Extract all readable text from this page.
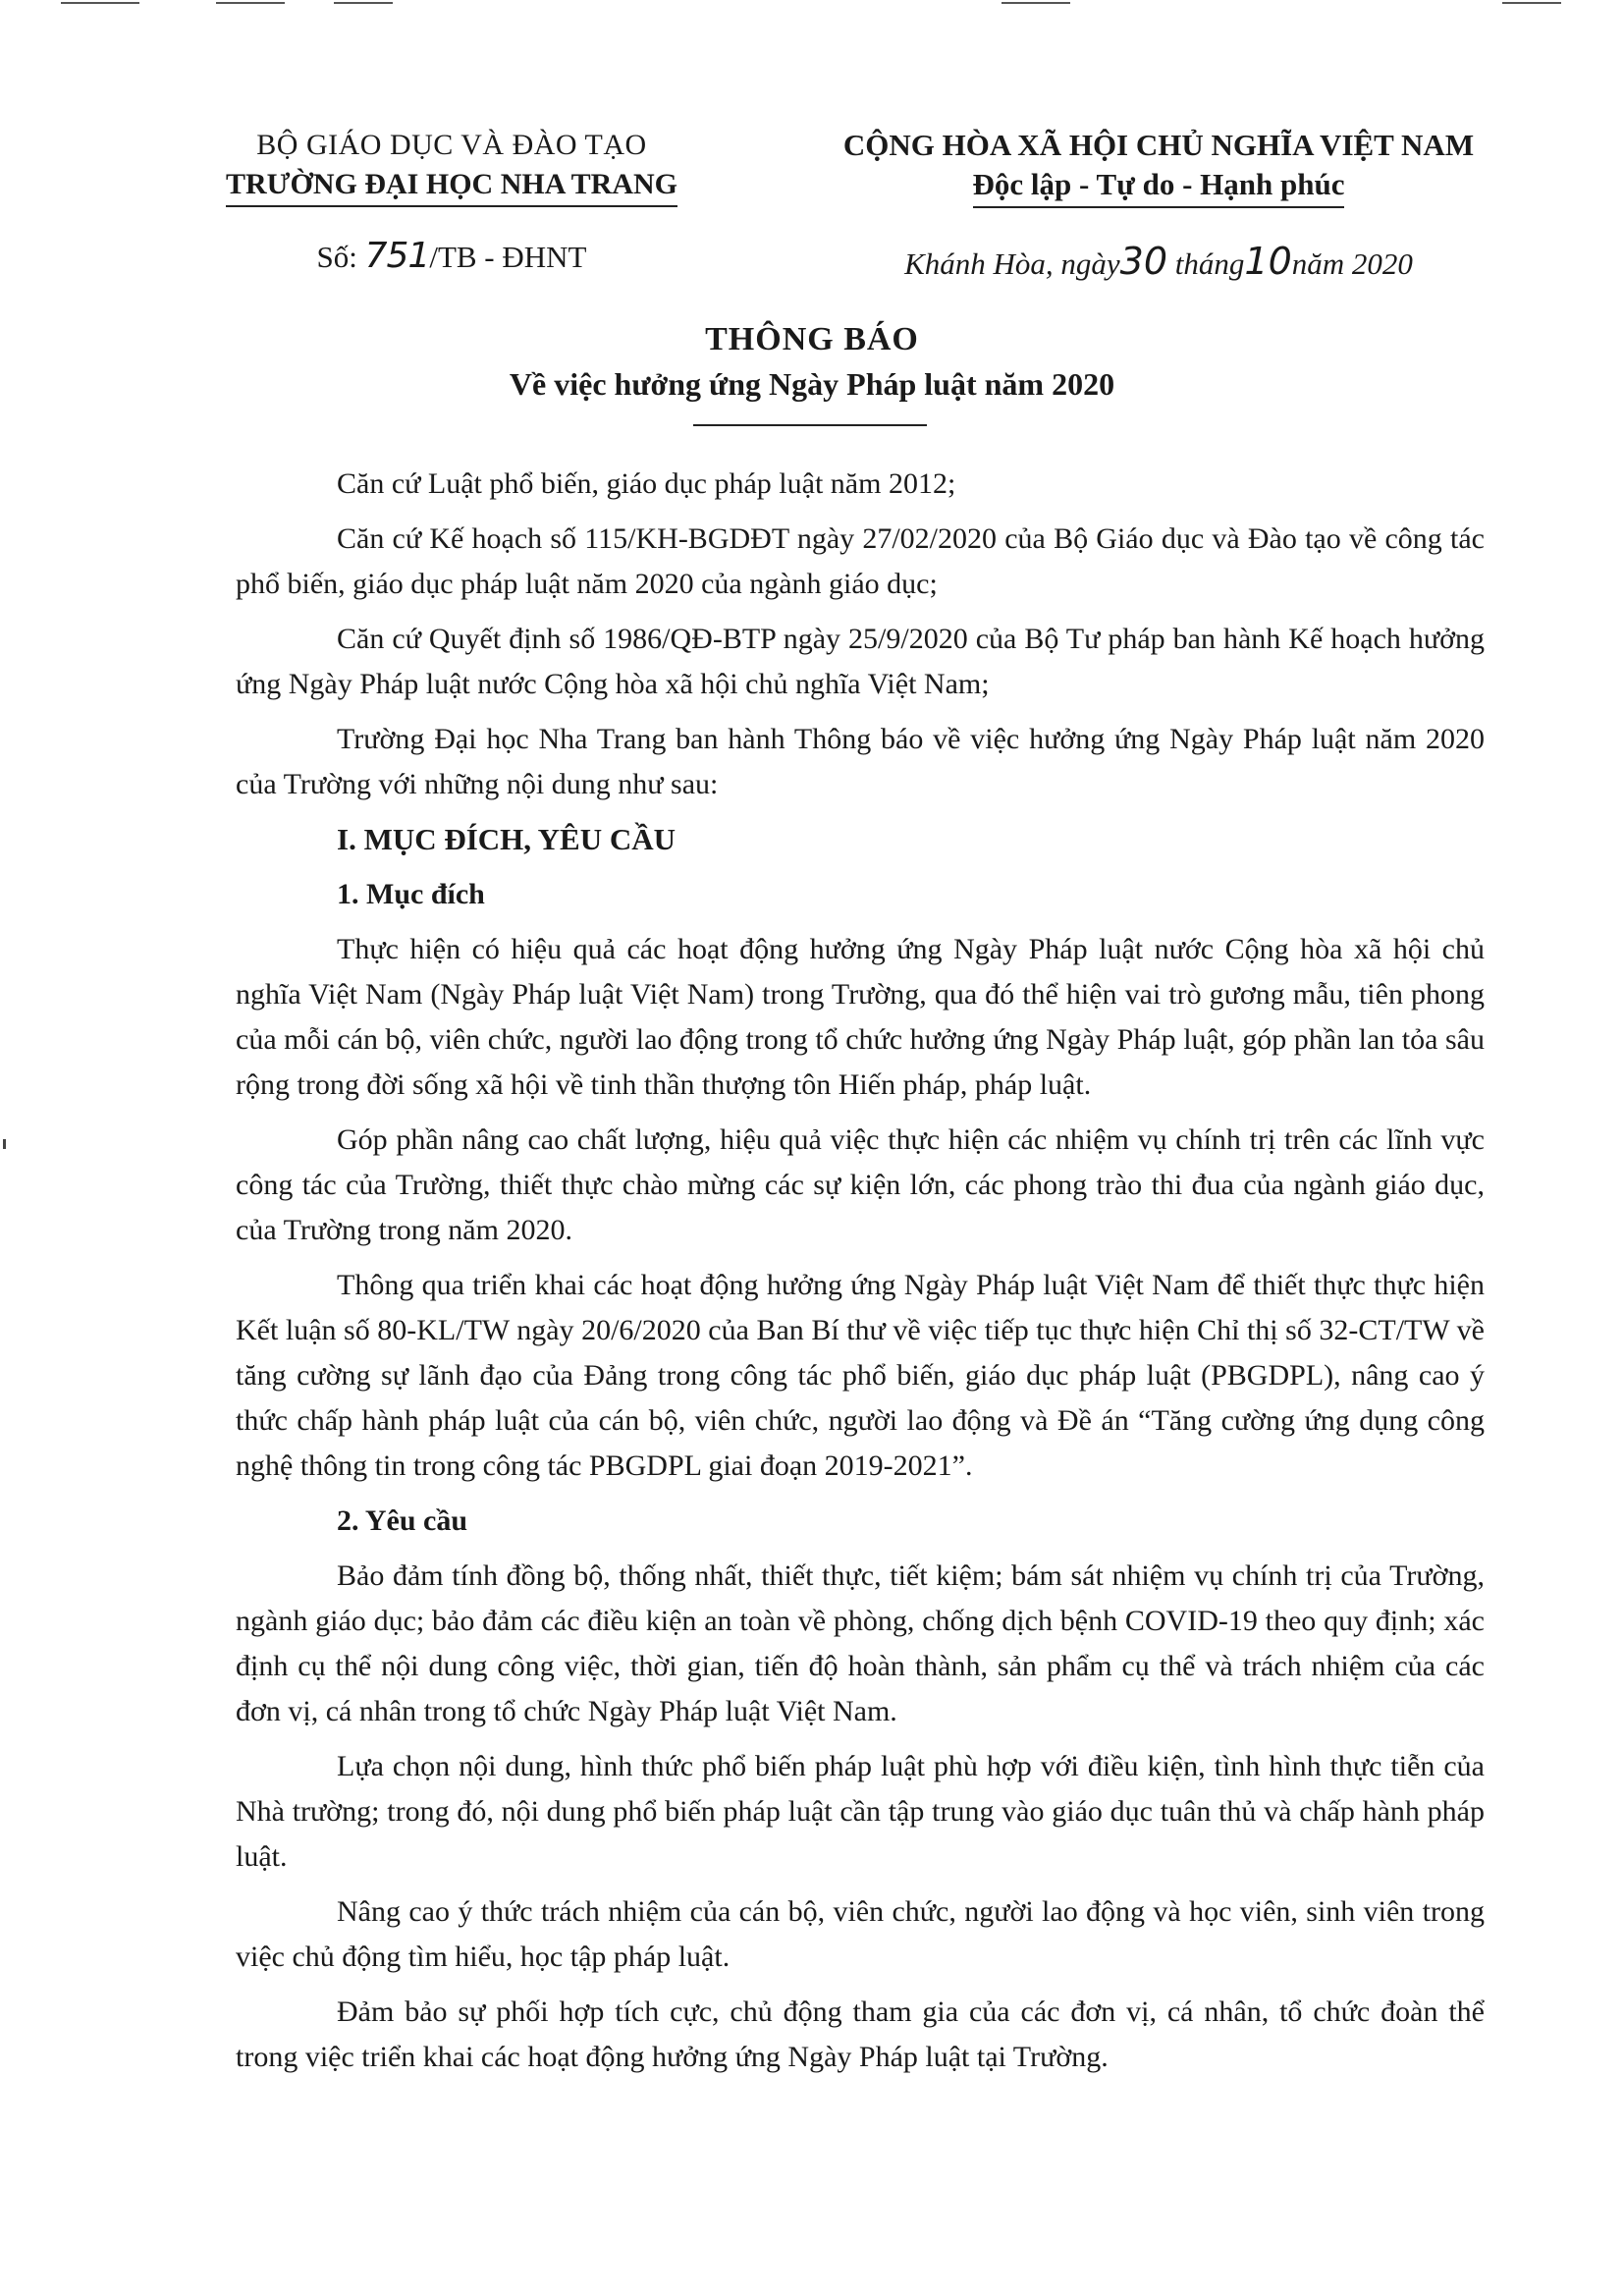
BỘ GIÁO DỤC VÀ ĐÀO TẠO
TRƯỜNG ĐẠI HỌC NHA TRANG
Số: 751/TB - ĐHNT
CỘNG HÒA XÃ HỘI CHỦ NGHĨA VIỆT NAM
Độc lập - Tự do - Hạnh phúc
Khánh Hòa, ngày30 tháng10năm 2020
THÔNG BÁO
Về việc hưởng ứng Ngày Pháp luật năm 2020

Căn cứ Luật phổ biến, giáo dục pháp luật năm 2012;

Căn cứ Kế hoạch số 115/KH-BGDĐT ngày 27/02/2020 của Bộ Giáo dục và Đào tạo về công tác phổ biến, giáo dục pháp luật năm 2020 của ngành giáo dục;

Căn cứ Quyết định số 1986/QĐ-BTP ngày 25/9/2020 của Bộ Tư pháp ban hành Kế hoạch hưởng ứng Ngày Pháp luật nước Cộng hòa xã hội chủ nghĩa Việt Nam;

Trường Đại học Nha Trang ban hành Thông báo về việc hưởng ứng Ngày Pháp luật năm 2020 của Trường với những nội dung như sau:

I. MỤC ĐÍCH, YÊU CẦU
1. Mục đích

Thực hiện có hiệu quả các hoạt động hưởng ứng Ngày Pháp luật nước Cộng hòa xã hội chủ nghĩa Việt Nam (Ngày Pháp luật Việt Nam) trong Trường, qua đó thể hiện vai trò gương mẫu, tiên phong của mỗi cán bộ, viên chức, người lao động trong tổ chức hưởng ứng Ngày Pháp luật, góp phần lan tỏa sâu rộng trong đời sống xã hội về tinh thần thượng tôn Hiến pháp, pháp luật.

Góp phần nâng cao chất lượng, hiệu quả việc thực hiện các nhiệm vụ chính trị trên các lĩnh vực công tác của Trường, thiết thực chào mừng các sự kiện lớn, các phong trào thi đua của ngành giáo dục, của Trường trong năm 2020.

Thông qua triển khai các hoạt động hưởng ứng Ngày Pháp luật Việt Nam để thiết thực thực hiện Kết luận số 80-KL/TW ngày 20/6/2020 của Ban Bí thư về việc tiếp tục thực hiện Chỉ thị số 32-CT/TW về tăng cường sự lãnh đạo của Đảng trong công tác phổ biến, giáo dục pháp luật (PBGDPL), nâng cao ý thức chấp hành pháp luật của cán bộ, viên chức, người lao động và Đề án “Tăng cường ứng dụng công nghệ thông tin trong công tác PBGDPL giai đoạn 2019-2021”.

2. Yêu cầu

Bảo đảm tính đồng bộ, thống nhất, thiết thực, tiết kiệm; bám sát nhiệm vụ chính trị của Trường, ngành giáo dục; bảo đảm các điều kiện an toàn về phòng, chống dịch bệnh COVID-19 theo quy định; xác định cụ thể nội dung công việc, thời gian, tiến độ hoàn thành, sản phẩm cụ thể và trách nhiệm của các đơn vị, cá nhân trong tổ chức Ngày Pháp luật Việt Nam.

Lựa chọn nội dung, hình thức phổ biến pháp luật phù hợp với điều kiện, tình hình thực tiễn của Nhà trường; trong đó, nội dung phổ biến pháp luật cần tập trung vào giáo dục tuân thủ và chấp hành pháp luật.

Nâng cao ý thức trách nhiệm của cán bộ, viên chức, người lao động và học viên, sinh viên trong việc chủ động tìm hiểu, học tập pháp luật.

Đảm bảo sự phối hợp tích cực, chủ động tham gia của các đơn vị, cá nhân, tổ chức đoàn thể trong việc triển khai các hoạt động hưởng ứng Ngày Pháp luật tại Trường.
